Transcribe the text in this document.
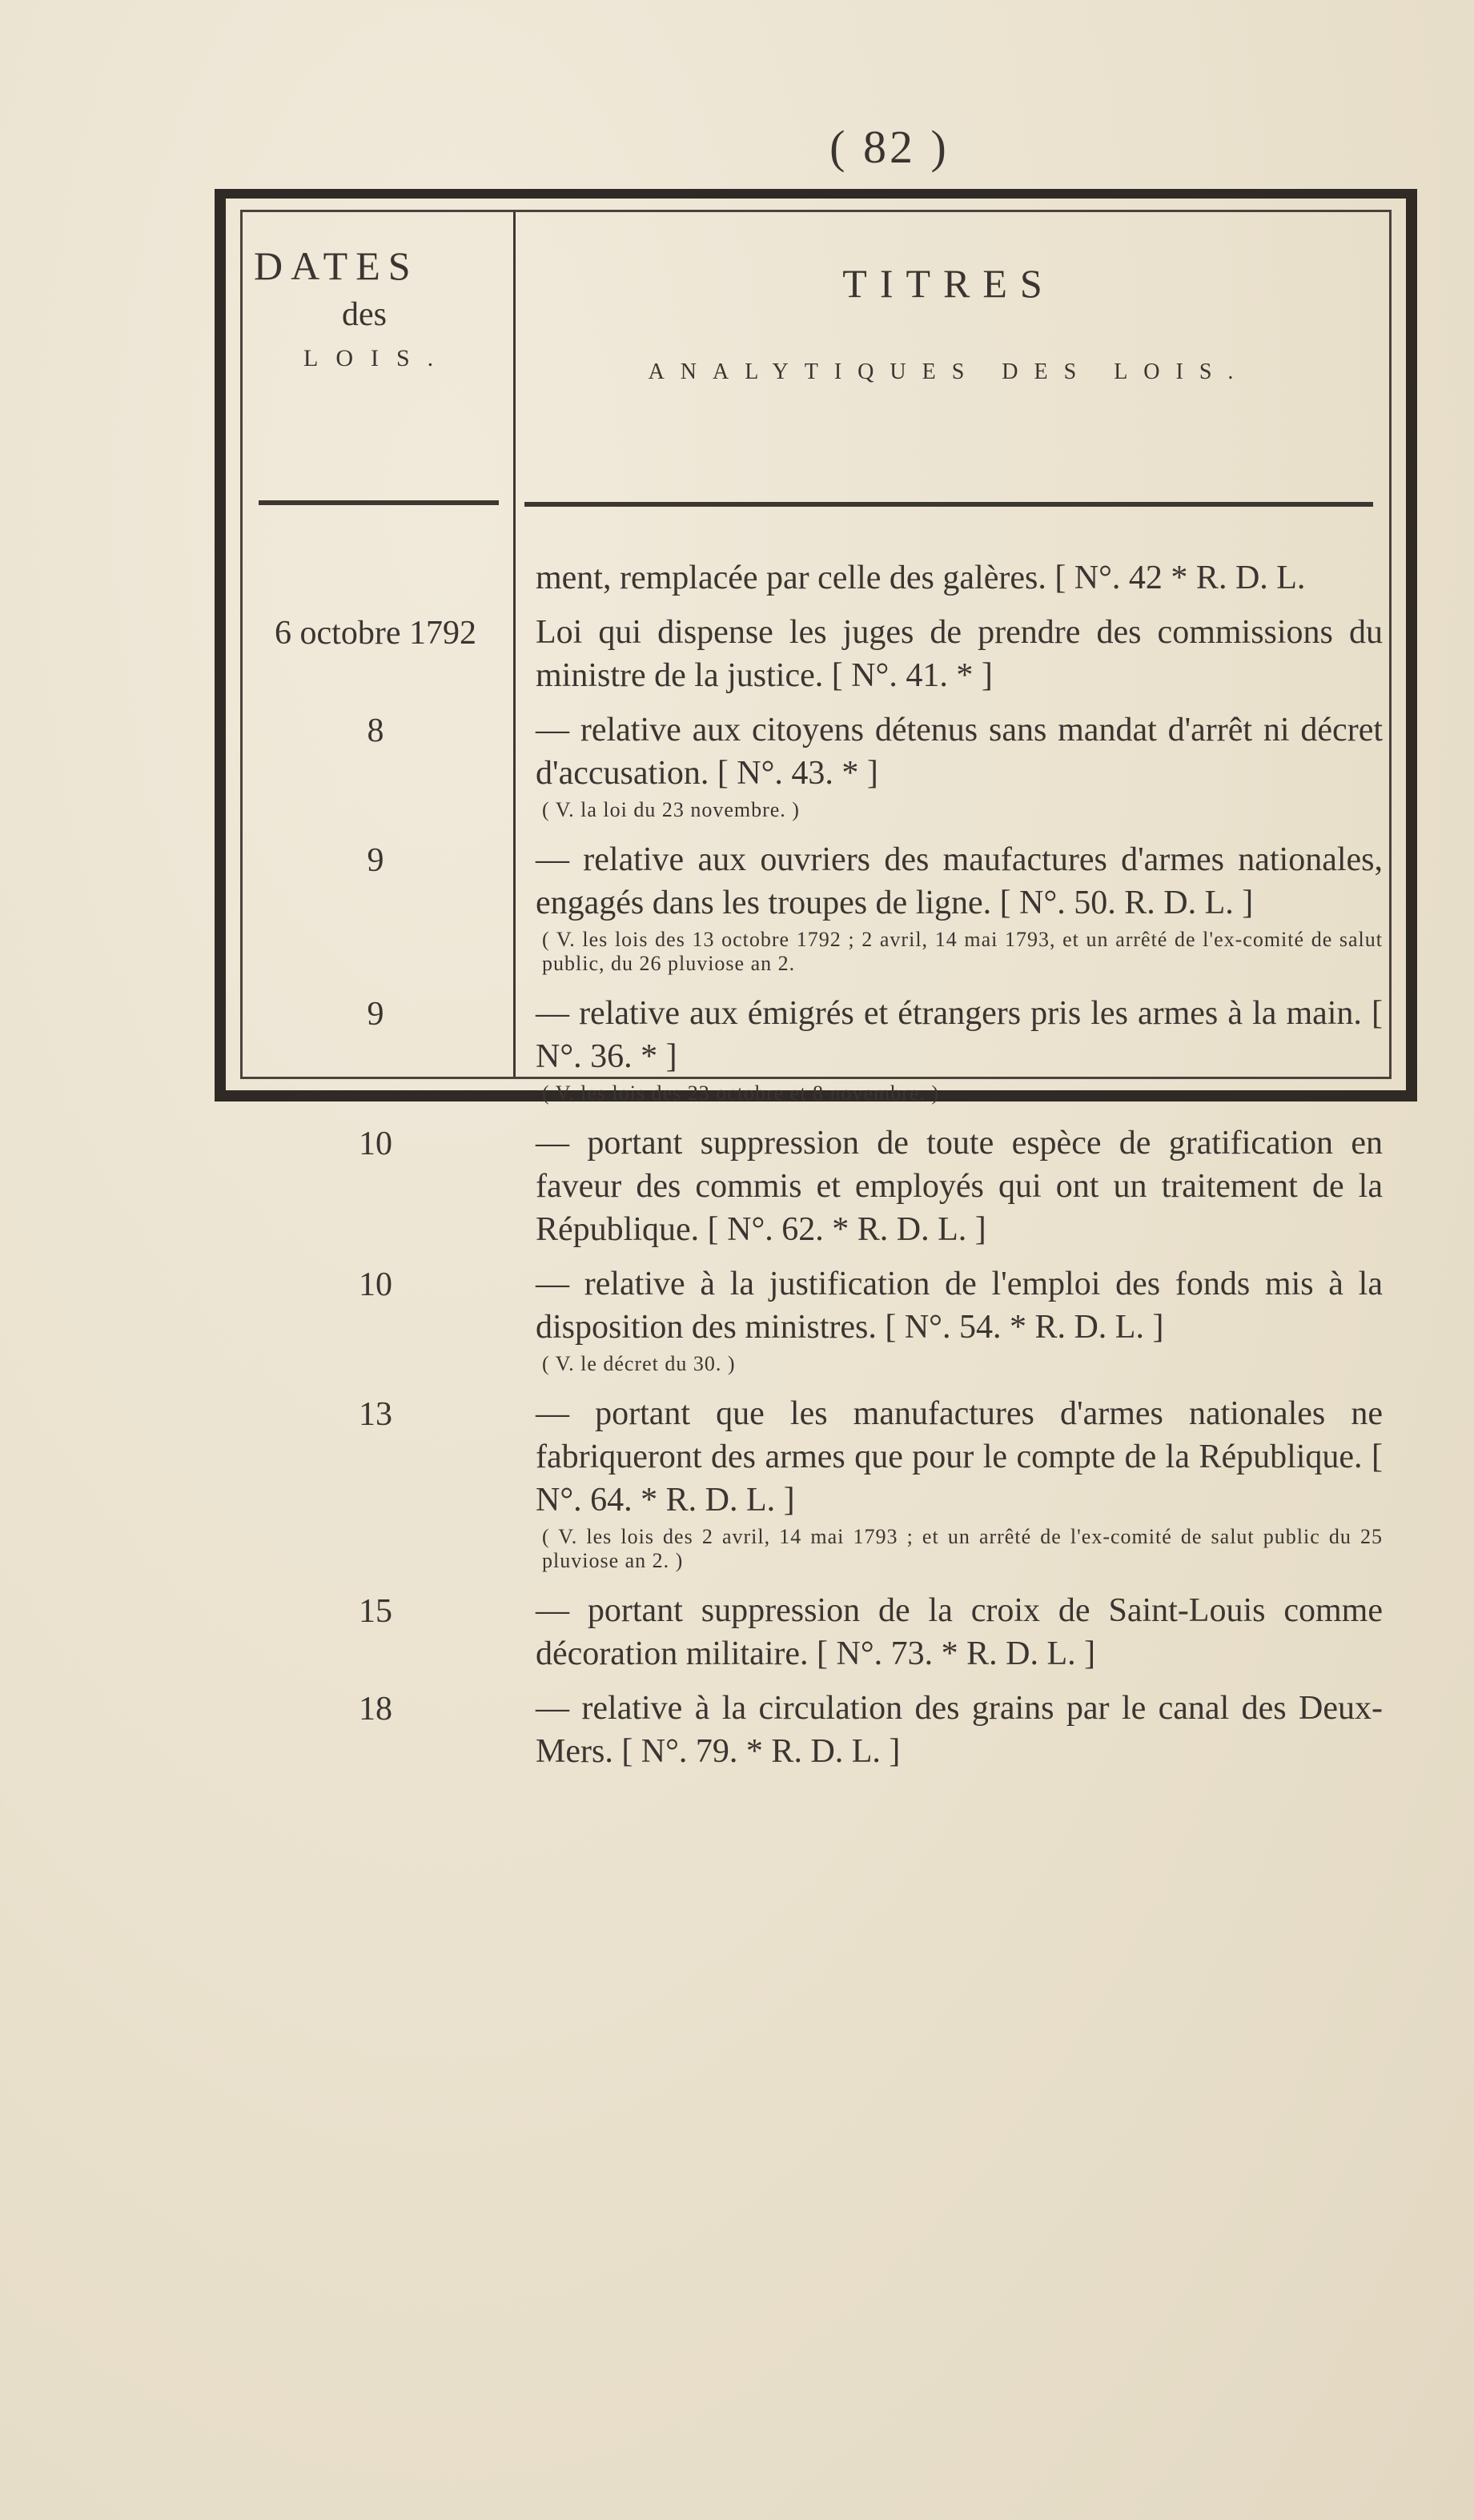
( 82 )
DATES
des
LOIS.
TITRES
ANALYTIQUES DES LOIS.
ment, remplacée par celle des galères. [ N°. 42 * R. D. L.
6 octobre 1792	Loi qui dispense les juges de prendre des commissions du ministre de la justice. [ N°. 41. * ]
8	— relative aux citoyens détenus sans mandat d'arrêt ni décret d'accusation. [ N°. 43. * ]
( V. la loi du 23 novembre. )
9	— relative aux ouvriers des maufactures d'armes nationales, engagés dans les troupes de ligne. [ N°. 50. R. D. L. ]
( V. les lois des 13 octobre 1792 ; 2 avril, 14 mai 1793, et un arrêté de l'ex-comité de salut public, du 26 pluviose an 2.
9	— relative aux émigrés et étrangers pris les armes à la main. [ N°. 36. * ]
( V. les lois des 23 octobre et 8 novembre. )
10	— portant suppression de toute espèce de gratification en faveur des commis et employés qui ont un traitement de la République. [ N°. 62. * R. D. L. ]
10	— relative à la justification de l'emploi des fonds mis à la disposition des ministres. [ N°. 54. * R. D. L. ]
( V. le décret du 30. )
13	— portant que les manufactures d'armes nationales ne fabriqueront des armes que pour le compte de la République. [ N°. 64. * R. D. L. ]
( V. les lois des 2 avril, 14 mai 1793 ; et un arrêté de l'ex-comité de salut public du 25 pluviose an 2. )
15	— portant suppression de la croix de Saint-Louis comme décoration militaire. [ N°. 73. * R. D. L. ]
18	— relative à la circulation des grains par le canal des Deux-Mers. [ N°. 79. * R. D. L. ]
